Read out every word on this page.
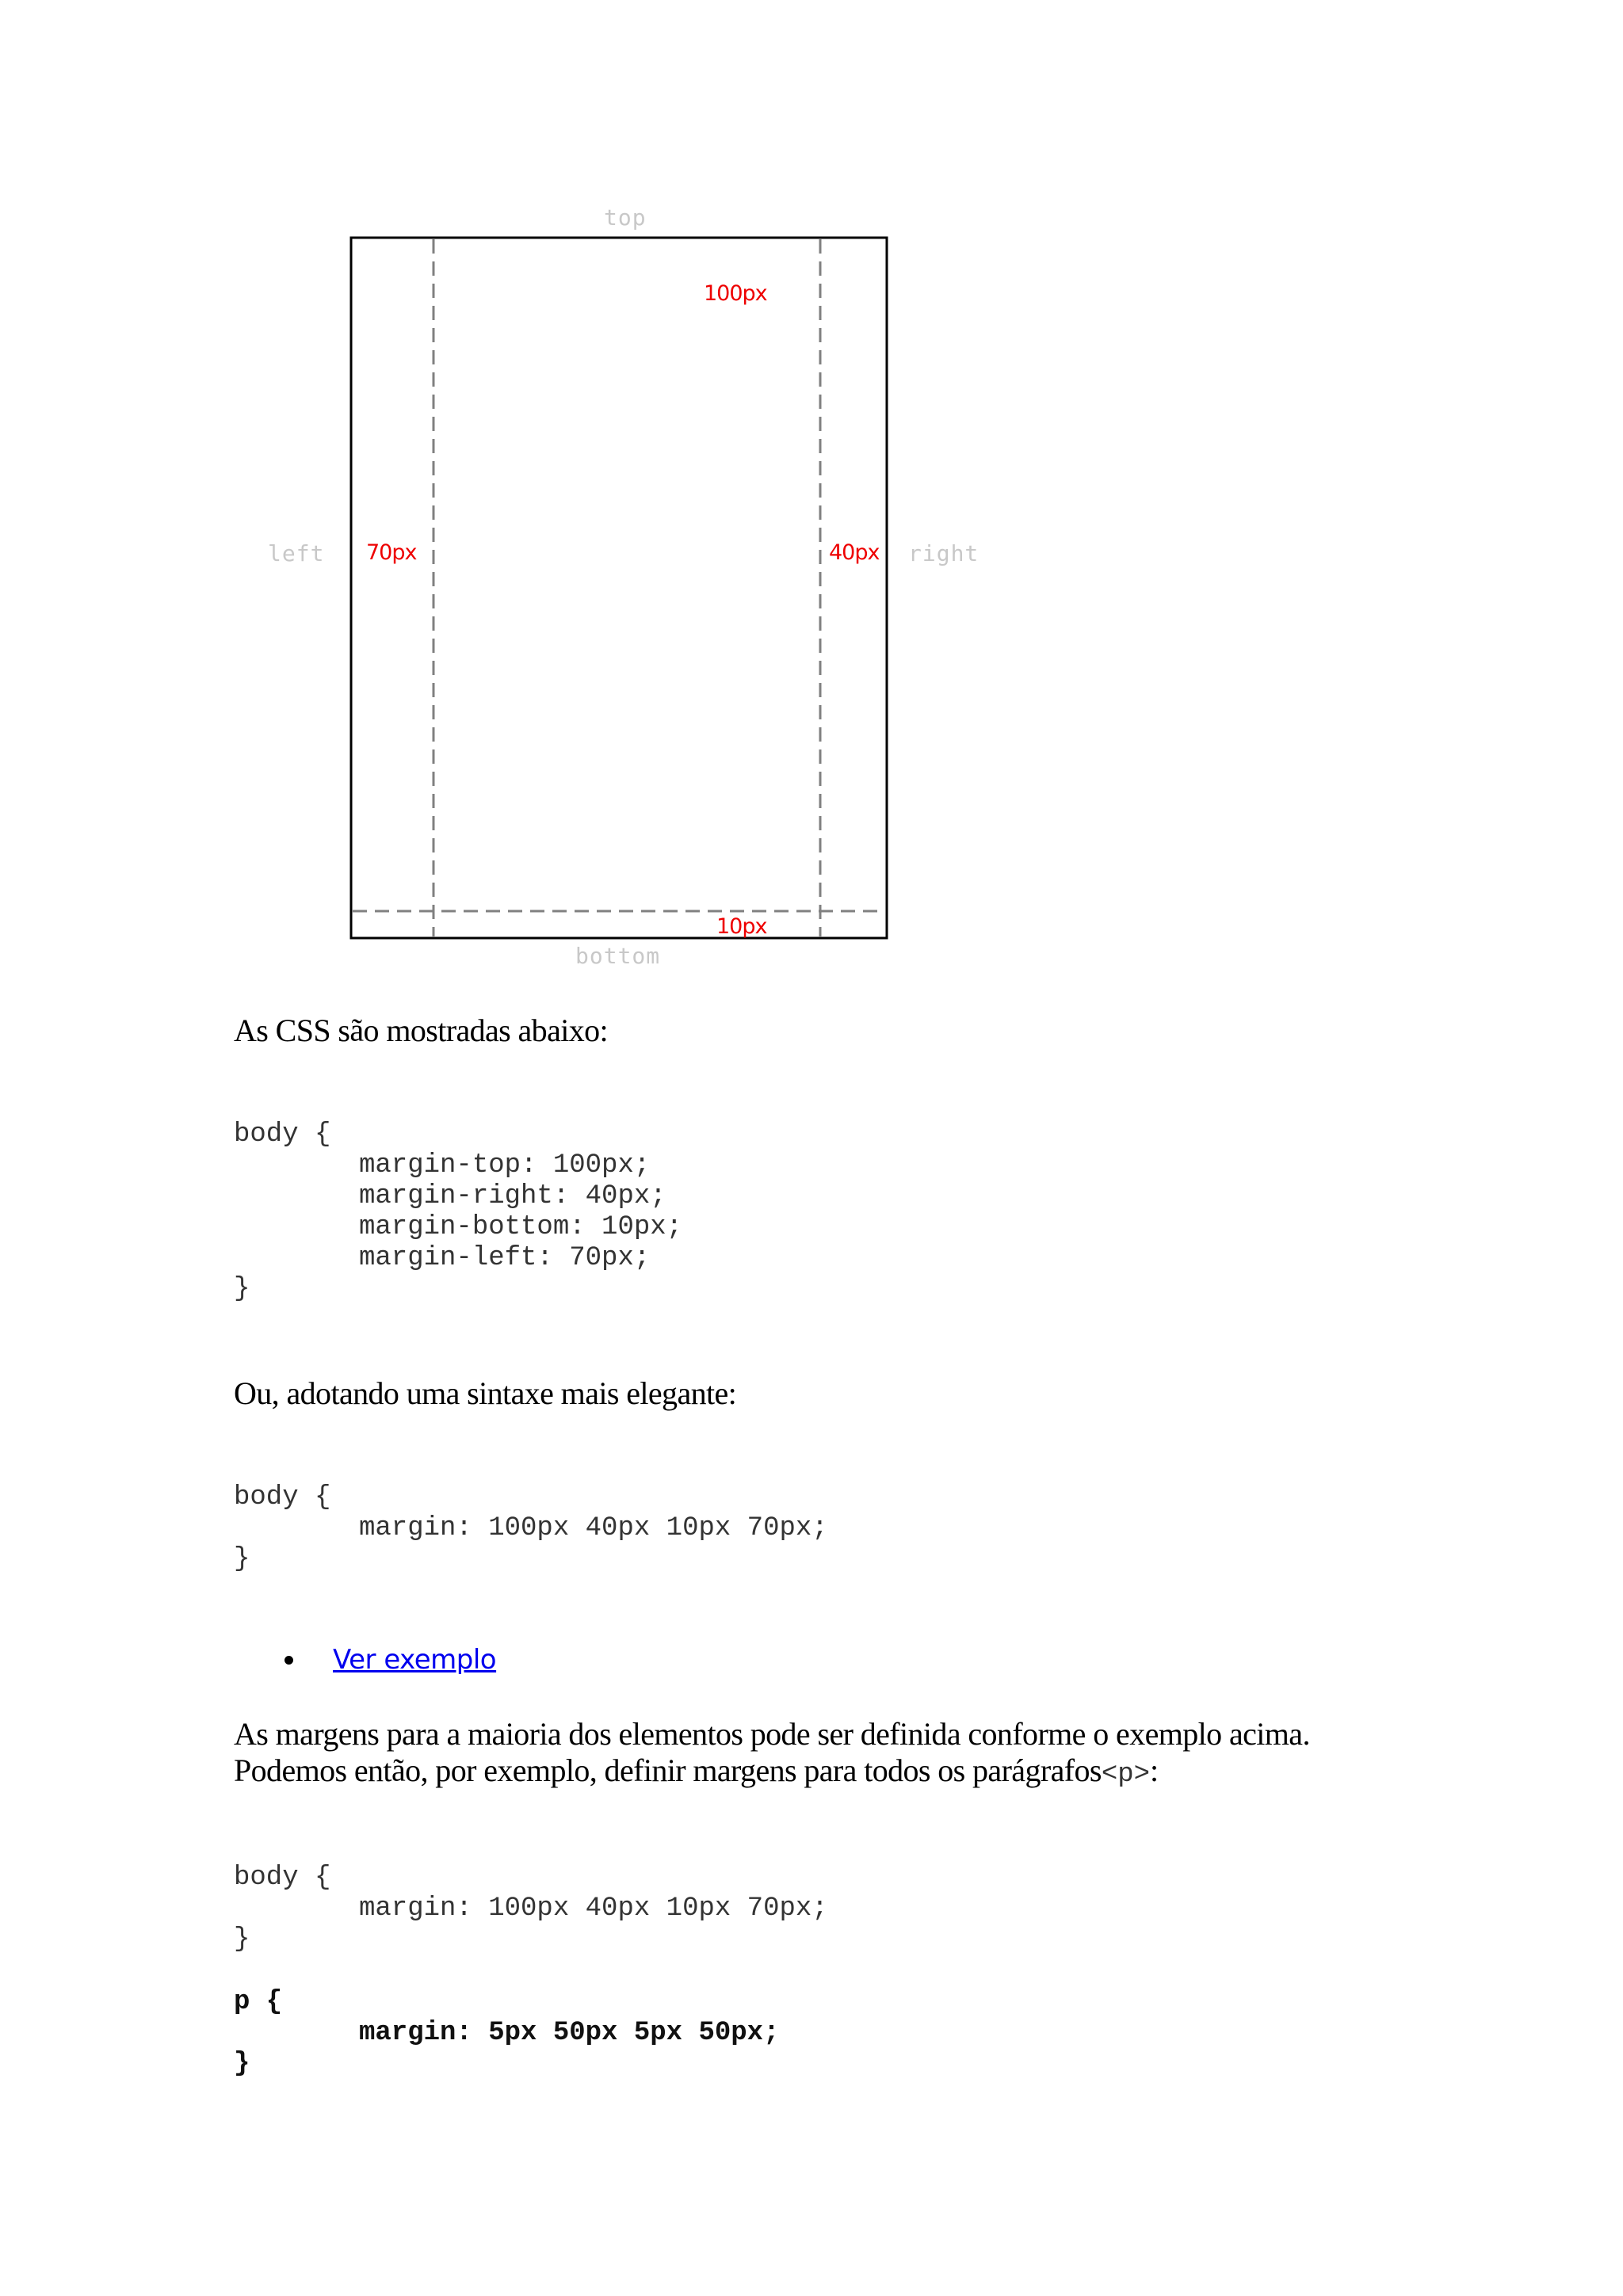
top
left	right
bottom
100px
70px	40px
10px
As CSS são mostradas abaixo:
body {
margin-top: 100px;
margin-right: 40px;
margin-bottom: 10px;
margin-left: 70px;
}
Ou, adotando uma sintaxe mais elegante:
body {
margin: 100px 40px 10px 70px;
}
Ver exemplo
As margens para a maioria dos elementos pode ser definida conforme o exemplo acima.
Podemos então, por exemplo, definir margens para todos os parágrafos<p>:
body {
margin: 100px 40px 10px 70px;
}
p {
margin: 5px 50px 5px 50px;
}
